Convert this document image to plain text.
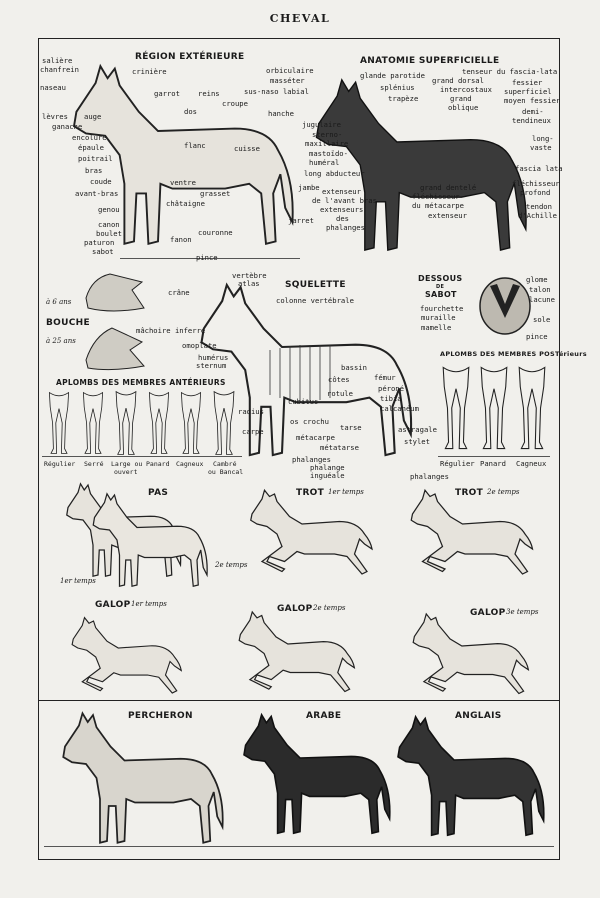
CHEVAL
RÉGION EXTÉRIEURE
salière
chanfrein
naseau
lèvres auge
ganache
encolure
épaule
poitrail
bras
coude
avant-bras
genou
canon
boulet
paturon
sabot
crinière
garrot	reins
dos
croupe
hanche
flanc	cuisse
ventre
grasset
châtaigne
fanon
couronne
pince
jambe
jarret
ANATOMIE SUPERFICIELLE
orbiculaire
masséter
sus-naso labial
glande parotide
splénius
trapèze
jugulaire
sterno-
maxillaire
mastoïdo-
huméral
long abducteur
extenseur
de l'avant bras
extenseurs
des
phalanges
tenseur du fascia-lata
grand dorsal
intercostaux
grand
oblique
fessier
superficiel
moyen fessier
demi-
tendineux
long-
vaste
fascia lata
fléchisseur
profond
tendon
d'Achille
grand dentelé
fléchisseur
du métacarpe
extenseur
à 6 ans
BOUCHE
à 25 ans
SQUELETTE
vertèbre
atlas
crâne
colonne vertébrale
mâchoire inferre
omoplate
humérus
sternum	bassin
côtes	fémur
rotule
péroné
tibia
calcanéum
cubitus
radius
os crochu
carpe	tarse	astragale
métacarpe	stylet
métatarse
phalanges
phalange
inguéale	phalanges
APLOMBS DES MEMBRES ANTÉRIEURS
Régulier Serré Large ou
ouvert
Panard Cagneux Cambré
ou Bancal
DESSOUS
DE
SABOT
glome
talon
lacune
sole
pince
fourchette
muraille
mamelle
APLOMBS DES MEMBRES POSTérieurs
Régulier Panard Cagneux
PAS
1er temps
2e temps
TROT 1er temps	TROT 2e temps
GALOP 1er temps	GALOP 2e temps	GALOP 3e temps
PERCHERON	ARABE	ANGLAIS
